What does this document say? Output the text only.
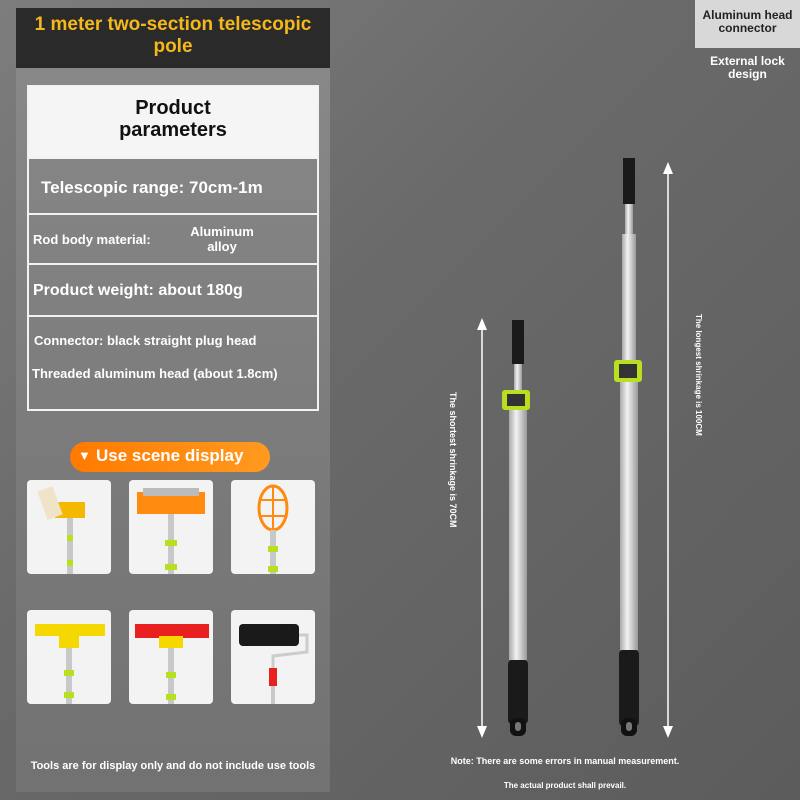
1 meter two-section telescopic pole
Product parameters
Telescopic range: 70cm-1m
Rod body material:
Aluminum alloy
Product weight: about 180g
Connector: black straight plug head
Threaded aluminum head (about 1.8cm)
▼ Use scene display
Tools are for display only and do not include use tools
Aluminum head connector
External lock design
The shortest shrinkage is 70CM
The longest shrinkage is 100CM
Note: There are some errors in manual measurement.
The actual product shall prevail.
